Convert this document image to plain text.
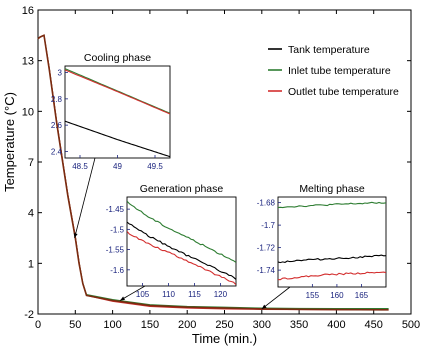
0	50 100 150 200 250 300 350 400 450 500
-2
1
4
7
10
13
16
Time (min.)
Temperature (°C)
Tank temperature
Inlet tube temperature
Outlet tube temperature
Cooling phase
48.5	49	49.5
2.4
2.6
2.8
3
Generation phase
105 110 115 120
-1.45
-1.5
-1.55
-1.6
Melting phase
155 160 165
-1.68
-1.7
-1.72
-1.74
